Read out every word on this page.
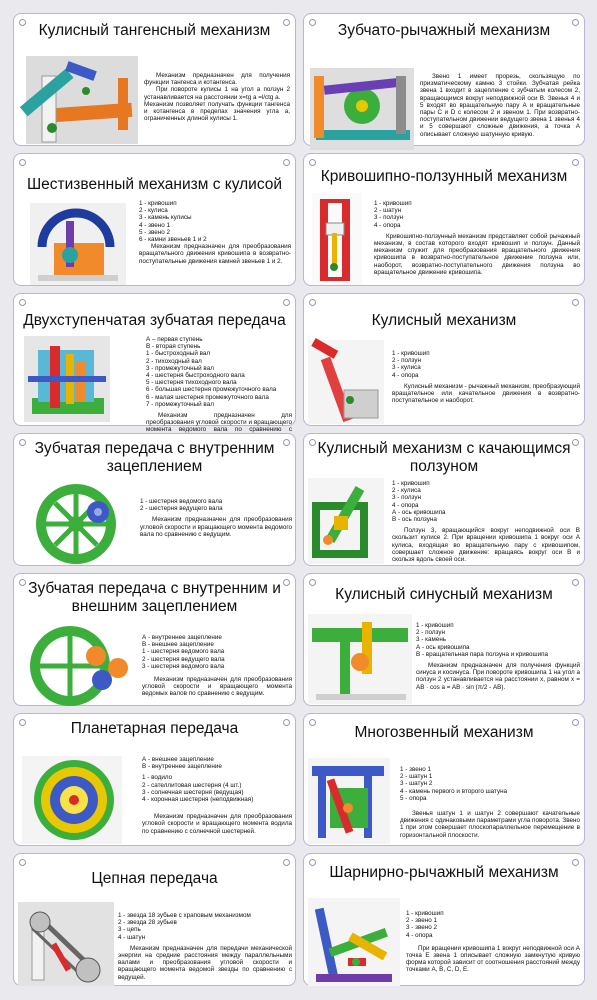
Кулисный тангенсный механизм
Механизм предназначен для получения функции тангенса и котангенса.
При повороте кулисы 1 на угол а ползун 2 устанавливается на расстоянии x=tg a =l/ctg a.
Механизм позволяет получать функции тангенса и котангенса в пределах значения угла a, ограниченных длиной кулисы 1.
Зубчато-рычажный механизм
Звено 1 имеет прорезь, скользящую по призматическому камню 3 стойки. Зубчатая рейка звена 1 входит в зацепление с зубчатым колесом 2, вращающимся вокруг неподвижной оси В. Звенья 4 и 5 входят во вращательную пару А и вращательные пары С и D с колесом 2 и звеном 1. При возвратно-поступательном движении ведущего звена 1 звенья 4 и 5 совершают сложные движения, а точка А описывает сложную шатунную кривую.
Шестизвенный механизм с кулисой
1 - кривошип
2 - кулиса
3 - камень кулисы
4 - звено 1
5 - звено 2
6 - камни звеньев 1 и 2
Механизм предназначен для преобразования вращательного движения кривошипа в возвратно-поступательные движения камней звеньев 1 и 2.
Кривошипно-ползунный механизм
1 - кривошип
2 - шатун
3 - ползун
4 - опора
Кривошипно-ползунный механизм представляет собой рычажный механизм, в состав которого входят кривошип и ползун. Данный механизм служит для преобразования вращательного движения кривошипа в возвратно-поступательное движение ползуна или, наоборот, возвратно-поступательного движения ползуна во вращательное движение кривошипа.
Двухступенчатая зубчатая передача
А – первая ступень
В - вторая ступень
1 - быстроходный вал
2 - тихоходный вал
3 - промежуточный вал
4 - шестерня быстроходного вала
5 - шестерня тихоходного вала
6 - большая шестерня промежуточного вала
6 - малая шестерня промежуточного вала
7 - промежуточный вал
Механизм предназначен для преобразования угловой скорости и вращающего момента ведомого вала по сравнению с
Кулисный механизм
1 - кривошип
2 - ползун
3 - кулиса
4 - опора
Кулисный механизм - рычажный механизм, преобразующий вращательное или качательное движения в возвратно-поступательное и наоборот.
Зубчатая передача с внутренним зацеплением
1 - шестерня ведомого вала
2 - шестерня ведущего вала
Механизм предназначен для преобразования угловой скорости и вращающего момента ведомого вала по сравнению с ведущим.
Кулисный механизм с качающимся ползуном
1 - кривошип
2 - кулиса
3 - ползун
4 - опора
А - ось кривошипа
В - ось ползуна
Ползун 3, вращающийся вокруг неподвижной оси В скользит кулисе 2. При вращении кривошипа 1 вокруг оси А кулиса, входящая во вращательную пару с кривошипом, совершает сложное движение: вращаясь вокруг оси В и скользя вдоль своей оси.
Зубчатая передача с внутренним и внешним зацеплением
А - внутреннее зацепление
В - внешнее зацепление
1 - шестерня ведомого вала
2 - шестерня ведущего вала
3 - шестерня ведомого вала
Механизм предназначен для преобразования угловой скорости и вращающего момента ведомых валов по сравнению с ведущим.
Кулисный синусный механизм
1 - кривошип
2 - ползун
3 - камень
А - ось кривошипа
В - вращательная пара ползуна и кривошипа
Механизм предназначен для получения функций синуса и косинуса. При повороте кривошипа 1 на угол а ползун 2 устанавливается на расстоянии х, равном x = AB · cos a = AB · sin (π/2 - AB).
Планетарная передача
А - внешнее зацепление
В - внутреннее зацепление
1 - водило
2 - сателлитовая шестерня (4 шт.)
3 - солнечная шестерня (ведущая)
4 - коронная шестерня (неподвижная)
Механизм предназначен для преобразования угловой скорости и вращающего момента водила по сравнению с солнечной шестерней.
Многозвенный механизм
1 - звено 1
2 - шатун 1
3 - шатун 2
4 - камень первого и второго шатуна
5 - опора
Звенья шатун 1 и шатун 2 совершают качательные движения с одинаковыми параметрами угла поворота. Звено 1 при этом совершает плоскопараллельное перемещение в горизонтальной плоскости.
Цепная передача
1 - звезда 18 зубьев с храповым механизмом
2 - звезда 28 зубьев
3 - цепь
4 - шатун
Механизм предназначен для передачи механической энергии на средние расстояния между параллельными валами и преобразования угловой скорости и вращающего момента ведомой звезды по сравнению с ведущей.
Шарнирно-рычажный механизм
1 - кривошип
2 - звено 1
3 - звено 2
4 - опора
При вращении кривошипа 1 вокруг неподвижной оси А точка Е звена 1 описывает сложную замкнутую кривую форма которой зависит от соотношения расстояний между точками А, В, С, D, Е.
